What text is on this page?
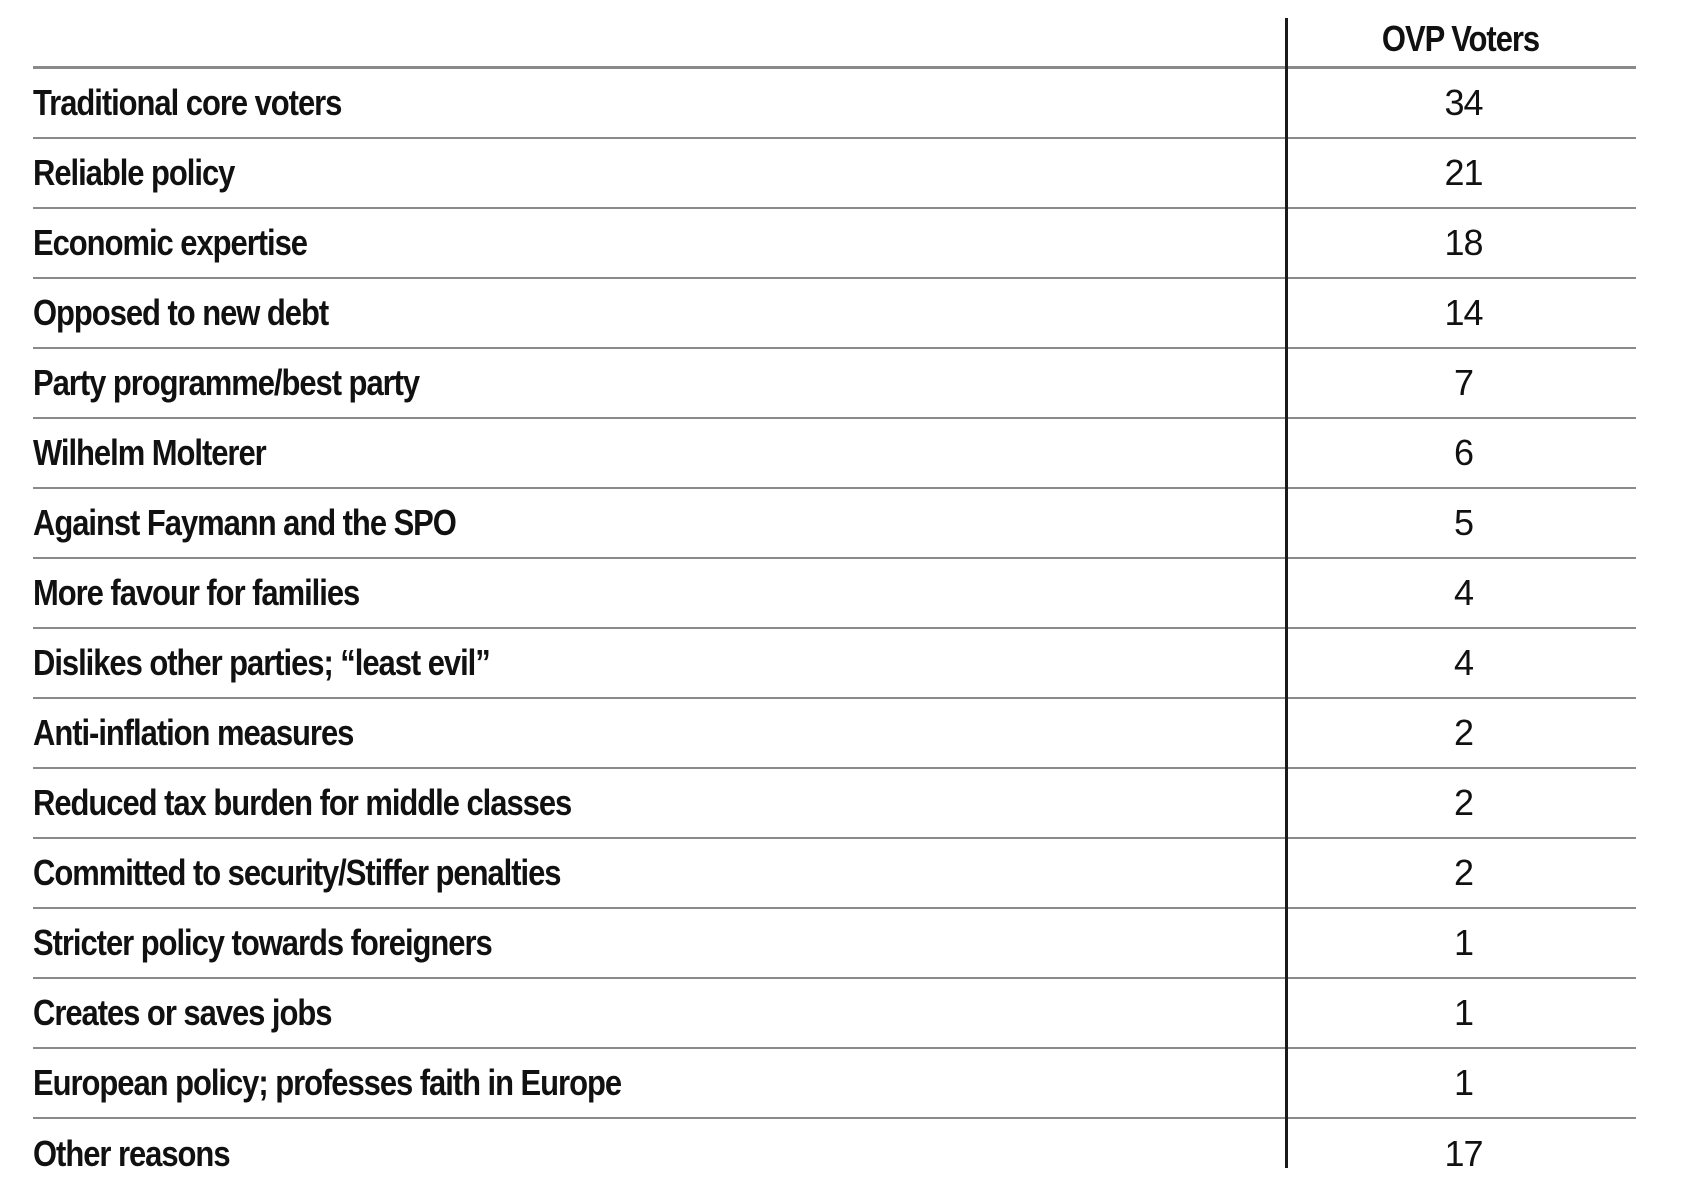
OVP Voters
Traditional core voters	34
Reliable policy	21
Economic expertise	18
Opposed to new debt	14
Party programme/best party	7
Wilhelm Molterer	6
Against Faymann and the SPO	5
More favour for families	4
Dislikes other parties; “least evil”	4
Anti-inflation measures	2
Reduced tax burden for middle classes	2
Committed to security/Stiffer penalties	2
Stricter policy towards foreigners	1
Creates or saves jobs	1
European policy; professes faith in Europe	1
Other reasons	17
